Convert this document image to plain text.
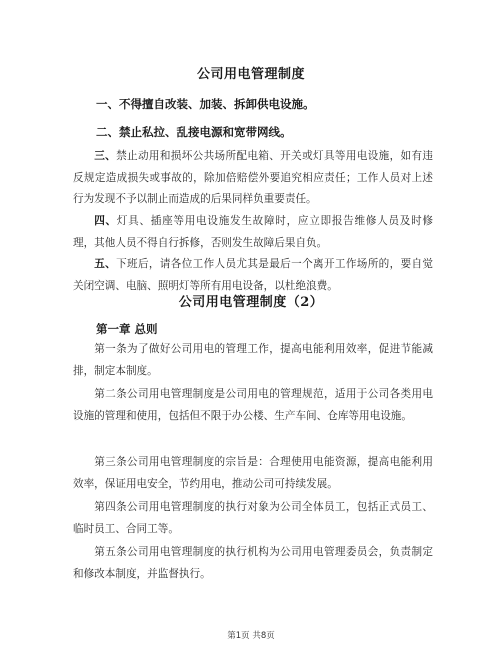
公司用电管理制度
一、不得擅自改装、加装、拆卸供电设施。
二、禁止私拉、乱接电源和宽带网线。
三、禁止动用和损坏公共场所配电箱、开关或灯具等用电设施，如有违反规定造成损失或事故的，除加倍赔偿外要追究相应责任；工作人员对上述行为发现不予以制止而造成的后果同样负重要责任。
四、灯具、插座等用电设施发生故障时，应立即报告维修人员及时修理，其他人员不得自行拆修，否则发生故障后果自负。
五、下班后，请各位工作人员尤其是最后一个离开工作场所的，要自觉关闭空调、电脑、照明灯等所有用电设备，以杜绝浪费。
公司用电管理制度（2）
第一章 总则
第一条为了做好公司用电的管理工作，提高电能利用效率，促进节能减排，制定本制度。
第二条公司用电管理制度是公司用电的管理规范，适用于公司各类用电设施的管理和使用，包括但不限于办公楼、生产车间、仓库等用电设施。
第三条公司用电管理制度的宗旨是：合理使用电能资源，提高电能利用效率，保证用电安全，节约用电，推动公司可持续发展。
第四条公司用电管理制度的执行对象为公司全体员工，包括正式员工、临时员工、合同工等。
第五条公司用电管理制度的执行机构为公司用电管理委员会，负责制定和修改本制度，并监督执行。
第1页 共8页
